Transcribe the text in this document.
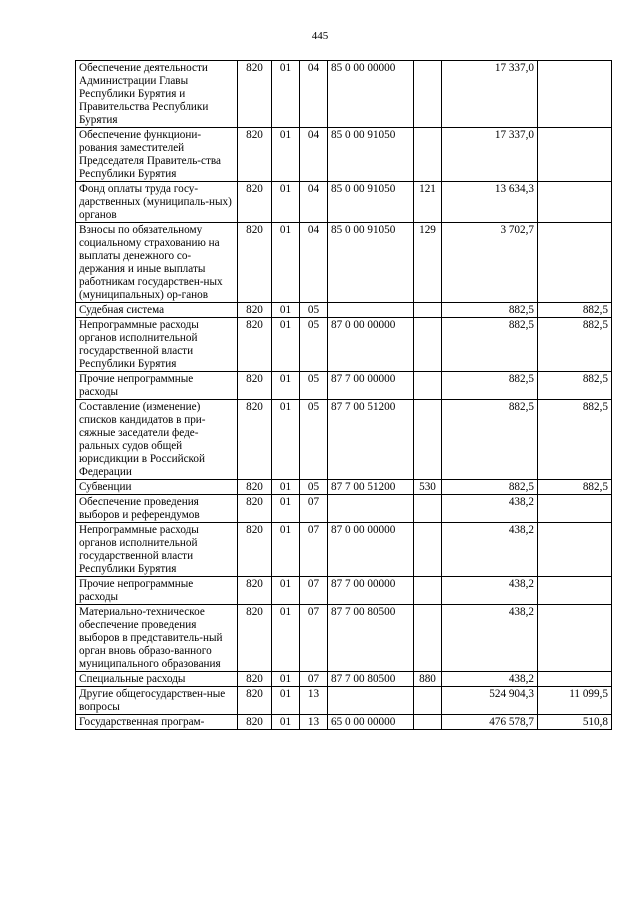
445
Обеспечение деятельности Администрации Главы Республики Бурятия и Правительства Республики Бурятия	820	01	04	85 0 00 00000		17 337,0	
Обеспечение функциони-рования заместителей Председателя Правитель-ства Республики Бурятия	820	01	04	85 0 00 91050		17 337,0	
Фонд оплаты труда госу-дарственных (муниципаль-ных) органов	820	01	04	85 0 00 91050	121	13 634,3	
Взносы по обязательному социальному страхованию на выплаты денежного со-держания и иные выплаты работникам государствен-ных (муниципальных) ор-ганов	820	01	04	85 0 00 91050	129	3 702,7	
Судебная система	820	01	05			882,5	882,5
Непрограммные расходы органов исполнительной государственной власти Республики Бурятия	820	01	05	87 0 00 00000		882,5	882,5
Прочие непрограммные расходы	820	01	05	87 7 00 00000		882,5	882,5
Составление (изменение) списков кандидатов в при-сяжные заседатели феде-ральных судов общей юрисдикции в Российской Федерации	820	01	05	87 7 00 51200		882,5	882,5
Субвенции	820	01	05	87 7 00 51200	530	882,5	882,5
Обеспечение проведения выборов и референдумов	820	01	07			438,2	
Непрограммные расходы органов исполнительной государственной власти Республики Бурятия	820	01	07	87 0 00 00000		438,2	
Прочие непрограммные расходы	820	01	07	87 7 00 00000		438,2	
Материально-техническое обеспечение проведения выборов в представитель-ный орган вновь образо-ванного муниципального образования	820	01	07	87 7 00 80500		438,2	
Специальные расходы	820	01	07	87 7 00 80500	880	438,2	
Другие общегосударствен-ные вопросы	820	01	13			524 904,3	11 099,5
Государственная програм-	820	01	13	65 0 00 00000		476 578,7	510,8
